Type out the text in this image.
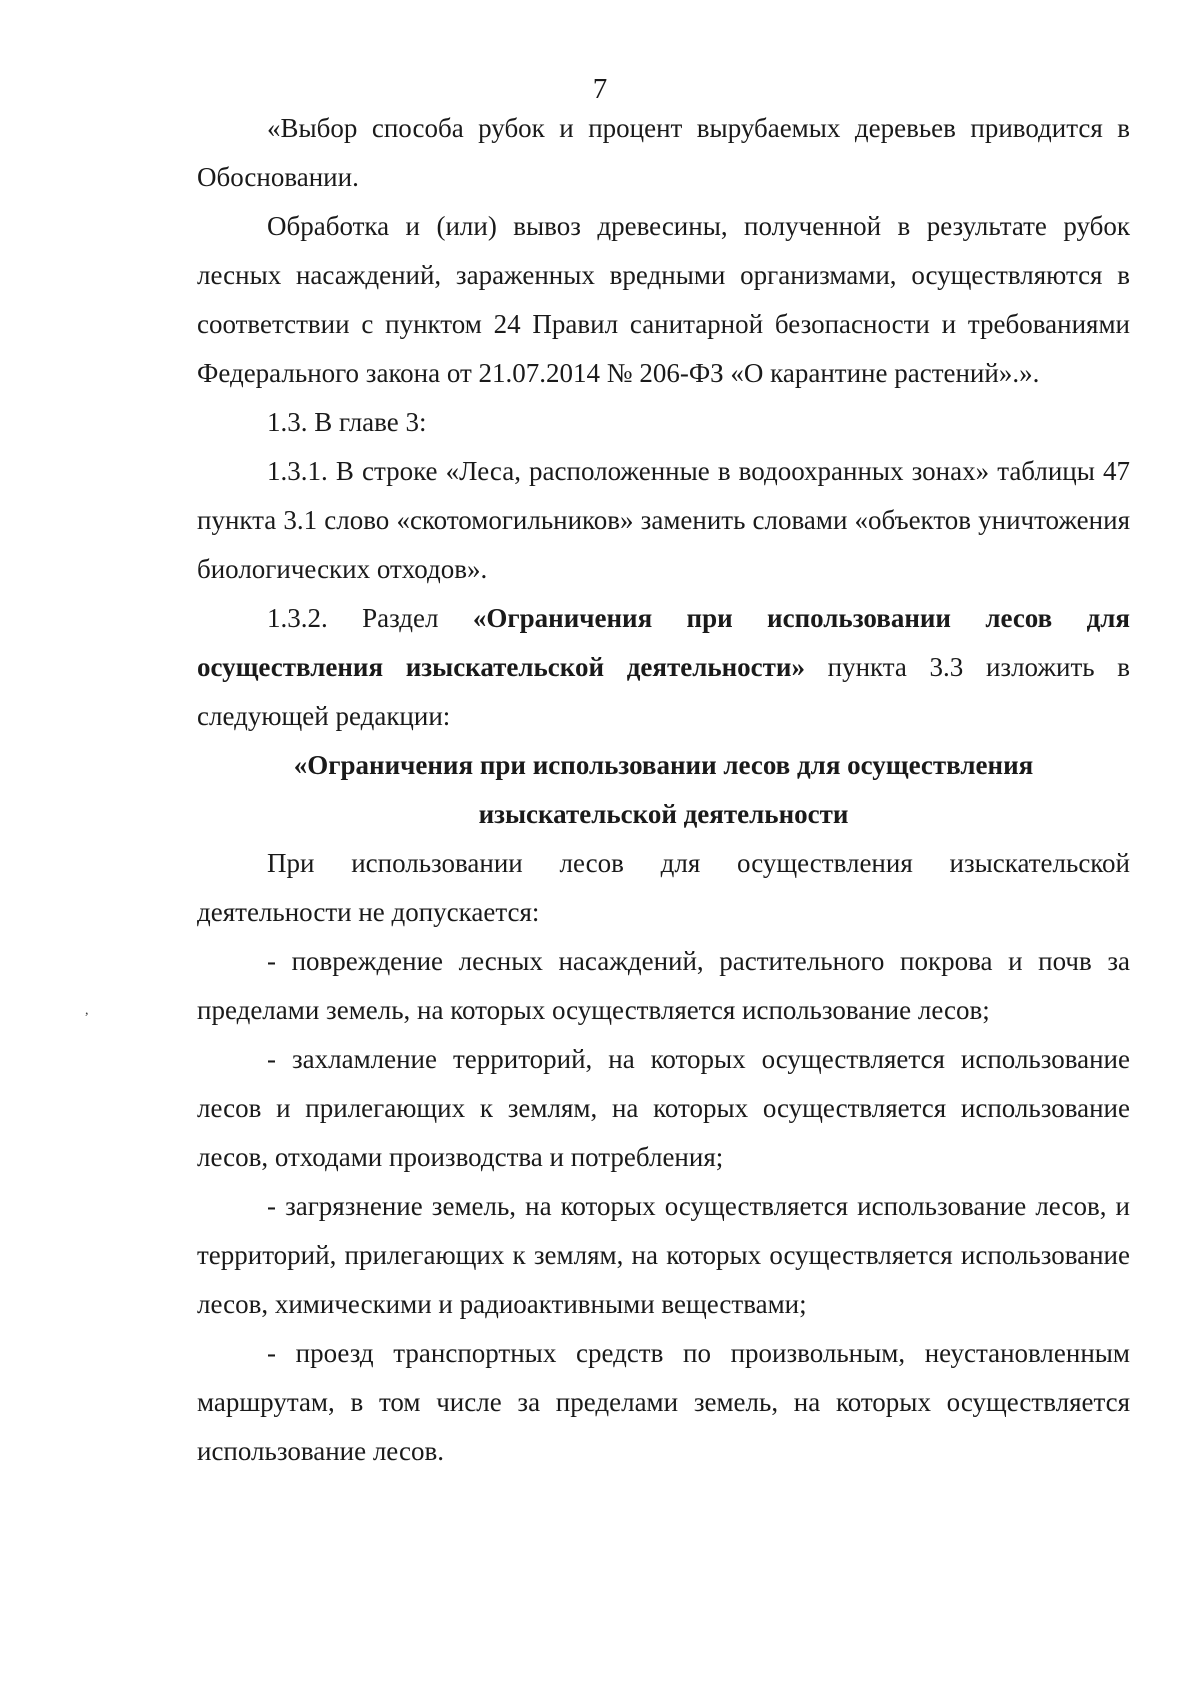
7

«Выбор способа рубок и процент вырубаемых деревьев приводится в Обосновании.

Обработка и (или) вывоз древесины, полученной в результате рубок лесных насаждений, зараженных вредными организмами, осуществляются в соответствии с пунктом 24 Правил санитарной безопасности и требованиями Федерального закона от 21.07.2014 № 206-ФЗ «О карантине растений».».

1.3. В главе 3:

1.3.1. В строке «Леса, расположенные в водоохранных зонах» таблицы 47 пункта 3.1 слово «скотомогильников» заменить словами «объектов уничтожения биологических отходов».

1.3.2. Раздел «Ограничения при использовании лесов для осуществления изыскательской деятельности» пункта 3.3 изложить в следующей редакции:

«Ограничения при использовании лесов для осуществления

изыскательской деятельности

При использовании лесов для осуществления изыскательской деятельности не допускается:

- повреждение лесных насаждений, растительного покрова и почв за пределами земель, на которых осуществляется использование лесов;

- захламление территорий, на которых осуществляется использование лесов и прилегающих к землям, на которых осуществляется использование лесов, отходами производства и потребления;

- загрязнение земель, на которых осуществляется использование лесов, и территорий, прилегающих к землям, на которых осуществляется использование лесов, химическими и радиоактивными веществами;

- проезд транспортных средств по произвольным, неустановленным маршрутам, в том числе за пределами земель, на которых осуществляется использование лесов.

,
